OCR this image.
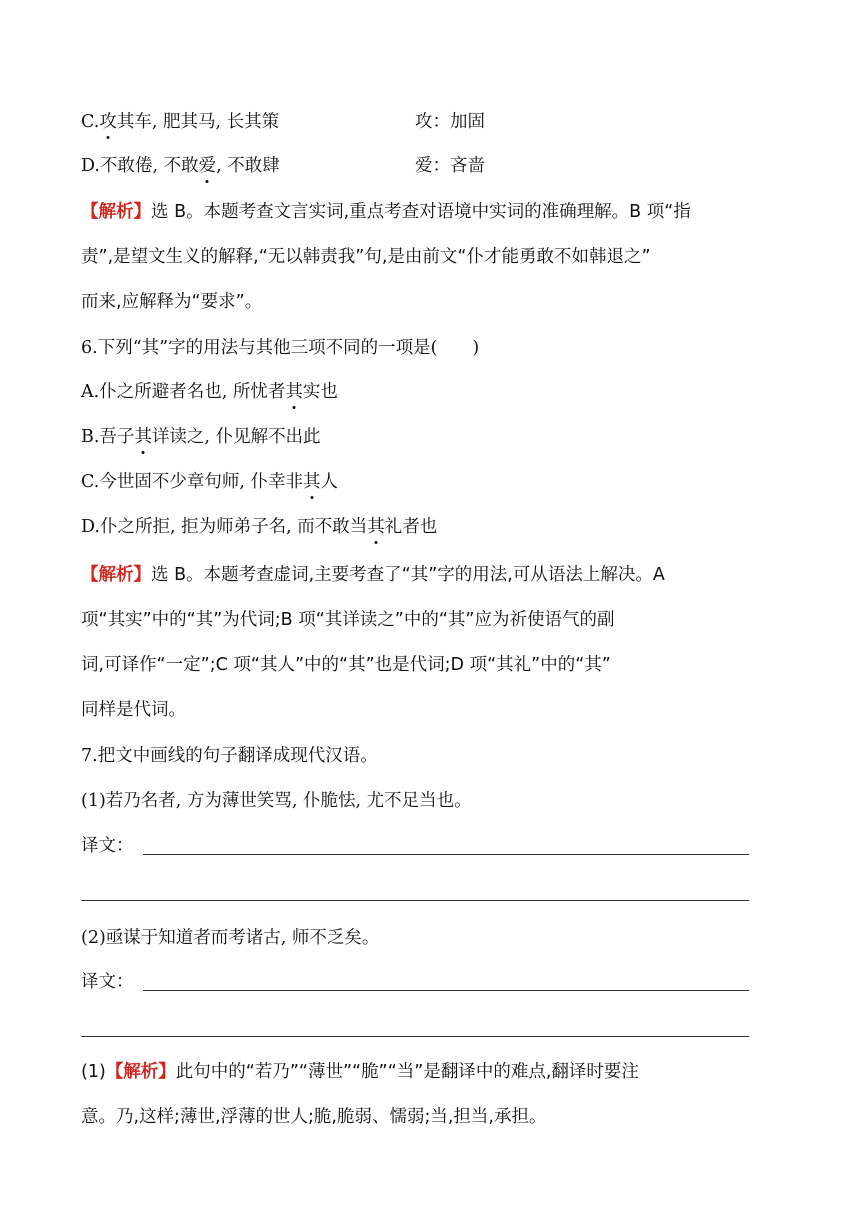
C.攻其车, 肥其马, 长其策	攻：加固
D.不敢倦, 不敢爱, 不敢肆	爱：吝啬
【解析】选 B。本题考查文言实词,重点考查对语境中实词的准确理解。B 项“指
责”,是望文生义的解释,“无以韩责我”句,是由前文“仆才能勇敢不如韩退之”
而来,应解释为“要求”。
6.下列“其”字的用法与其他三项不同的一项是(　　)
A.仆之所避者名也, 所忧者其实也
B.吾子其详读之, 仆见解不出此
C.今世固不少章句师, 仆幸非其人
D.仆之所拒, 拒为师弟子名, 而不敢当其礼者也
【解析】选 B。本题考查虚词,主要考查了“其”字的用法,可从语法上解决。A
项“其实”中的“其”为代词;B 项“其详读之”中的“其”应为祈使语气的副
词,可译作“一定”;C 项“其人”中的“其”也是代词;D 项“其礼”中的“其”
同样是代词。
7.把文中画线的句子翻译成现代汉语。
(1)若乃名者, 方为薄世笑骂, 仆脆怯, 尤不足当也。
译文：
(2)亟谋于知道者而考诸古, 师不乏矣。
译文：
(1)【解析】此句中的“若乃”“薄世”“脆”“当”是翻译中的难点,翻译时要注
意。乃,这样;薄世,浮薄的世人;脆,脆弱、懦弱;当,担当,承担。
